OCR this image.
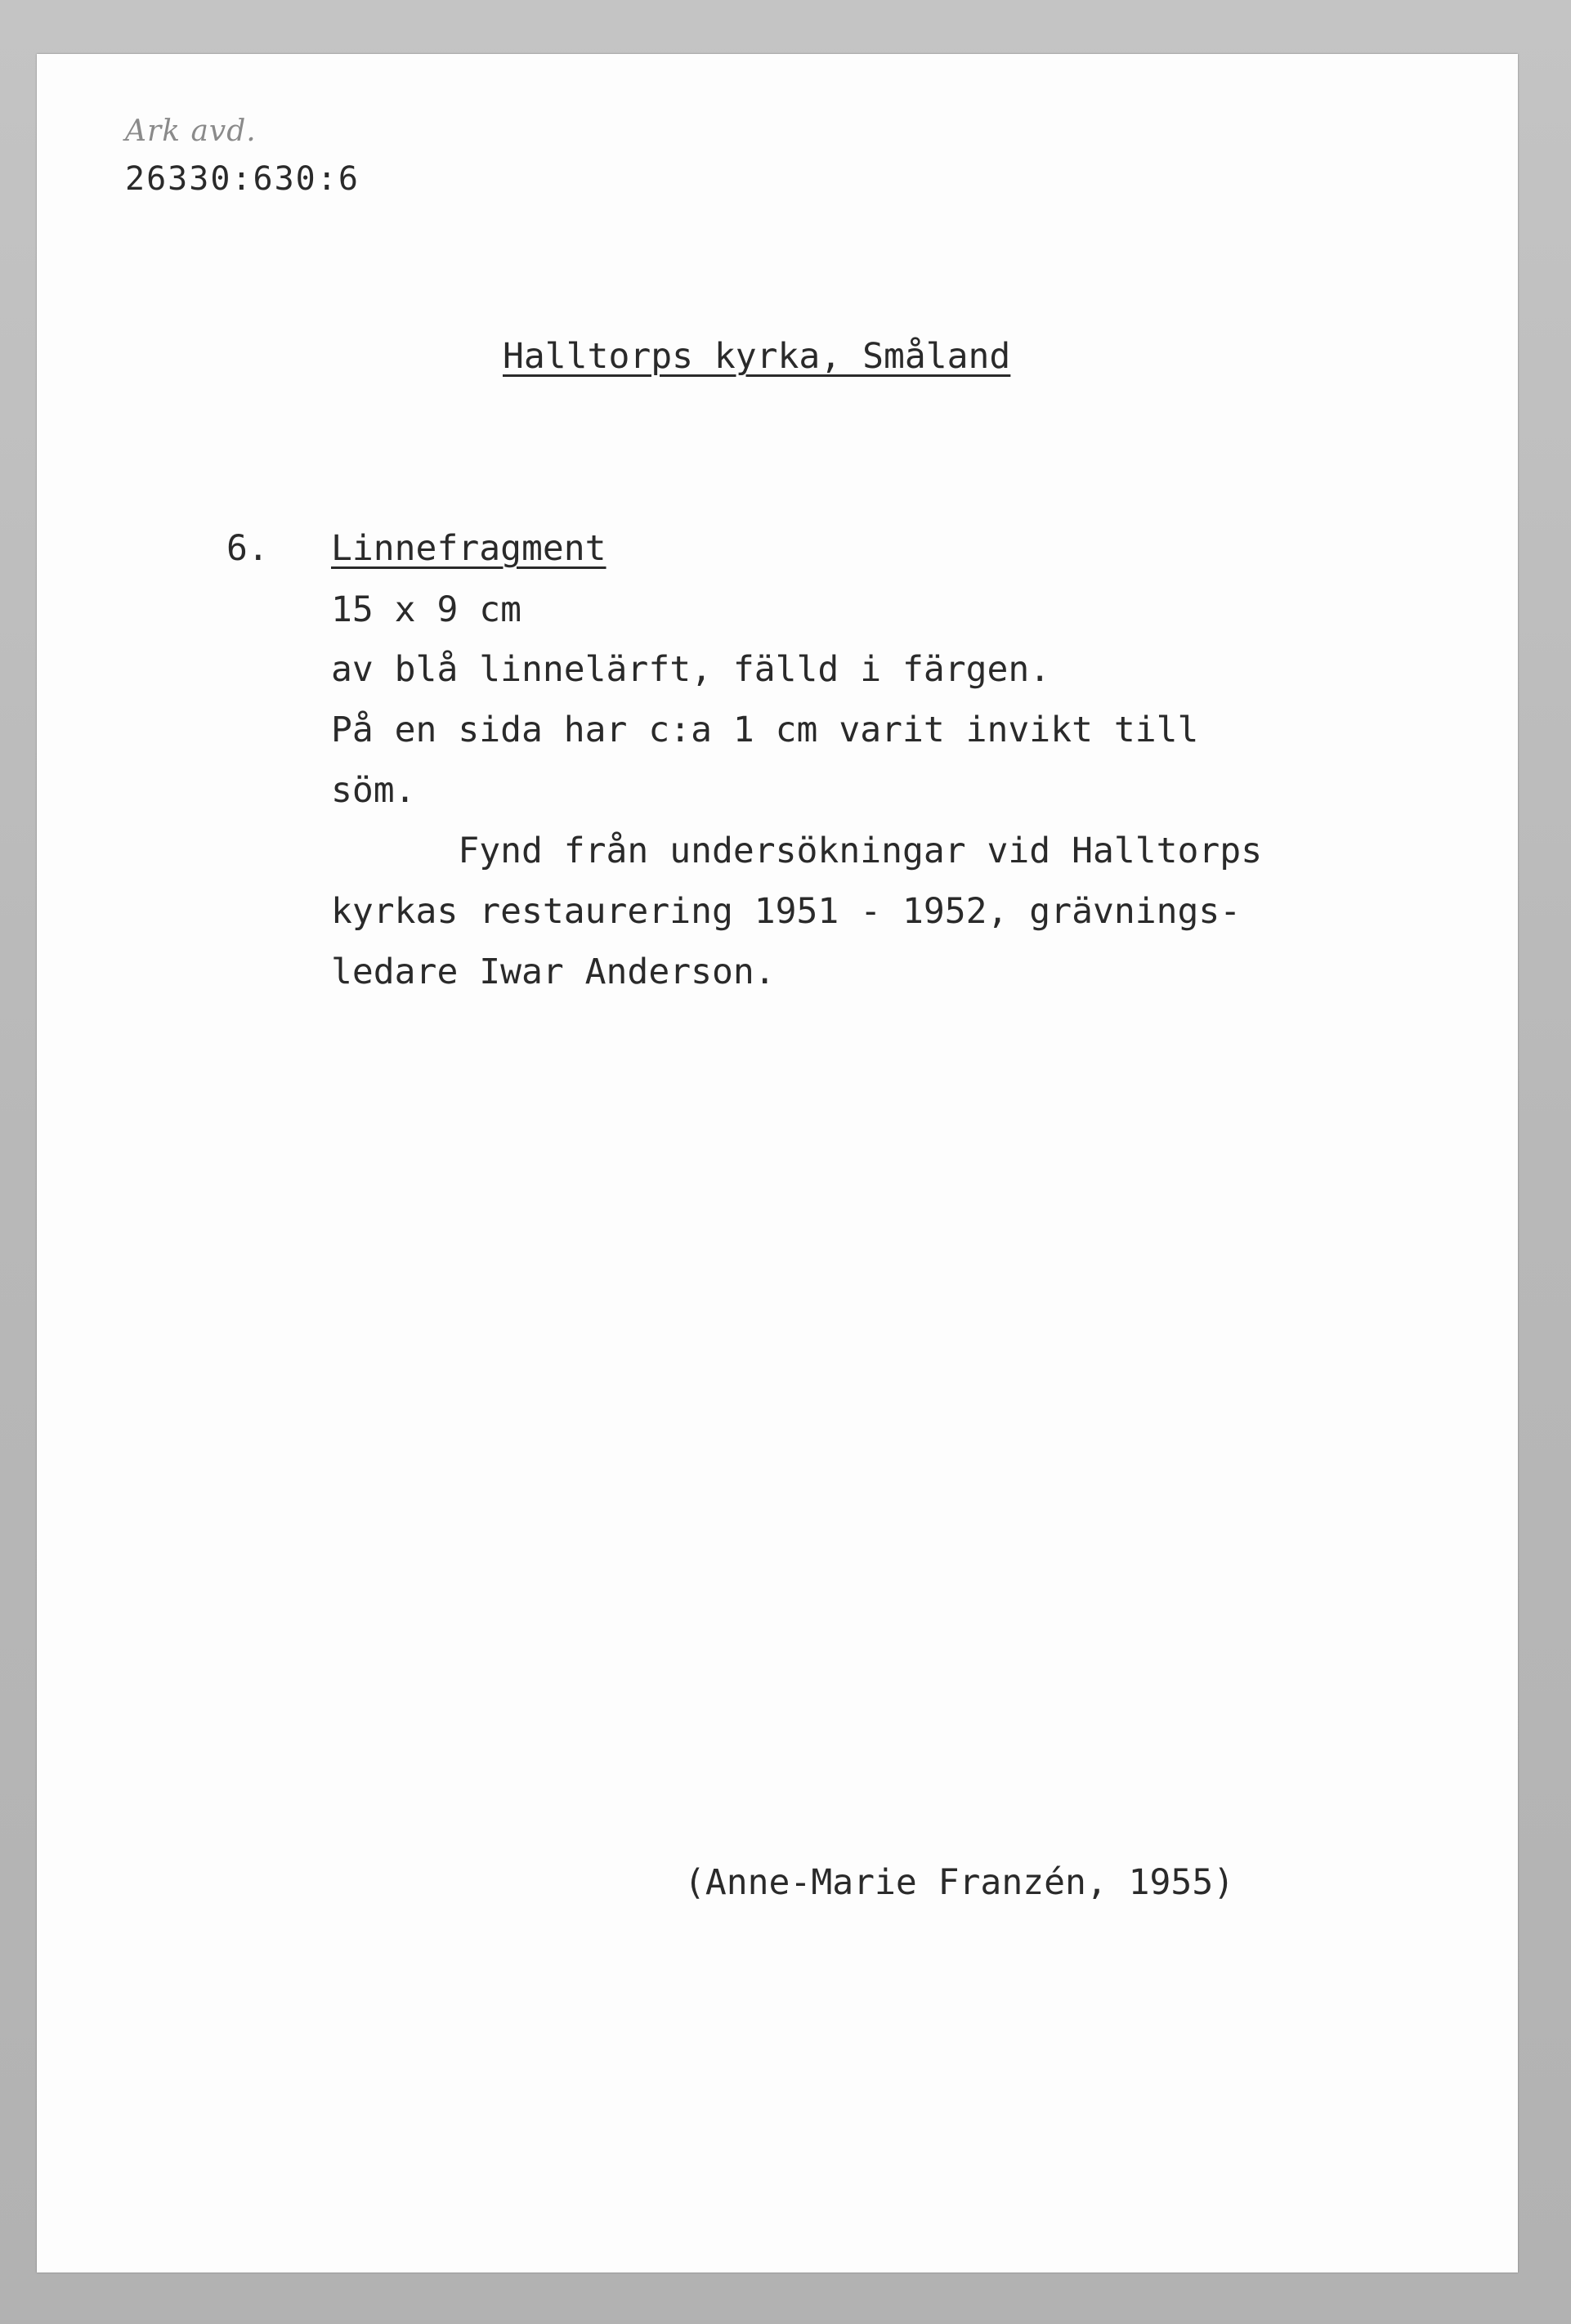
Ark avd.
26330:630:6
Halltorps kyrka, Småland
6. Linnefragment
15 x 9 cm
av blå linnelärft, fälld i färgen.
På en sida har c:a 1 cm varit invikt till
söm.
Fynd från undersökningar vid Halltorps
kyrkas restaurering 1951 - 1952, grävnings-
ledare Iwar Anderson.
(Anne-Marie Franzén, 1955)
